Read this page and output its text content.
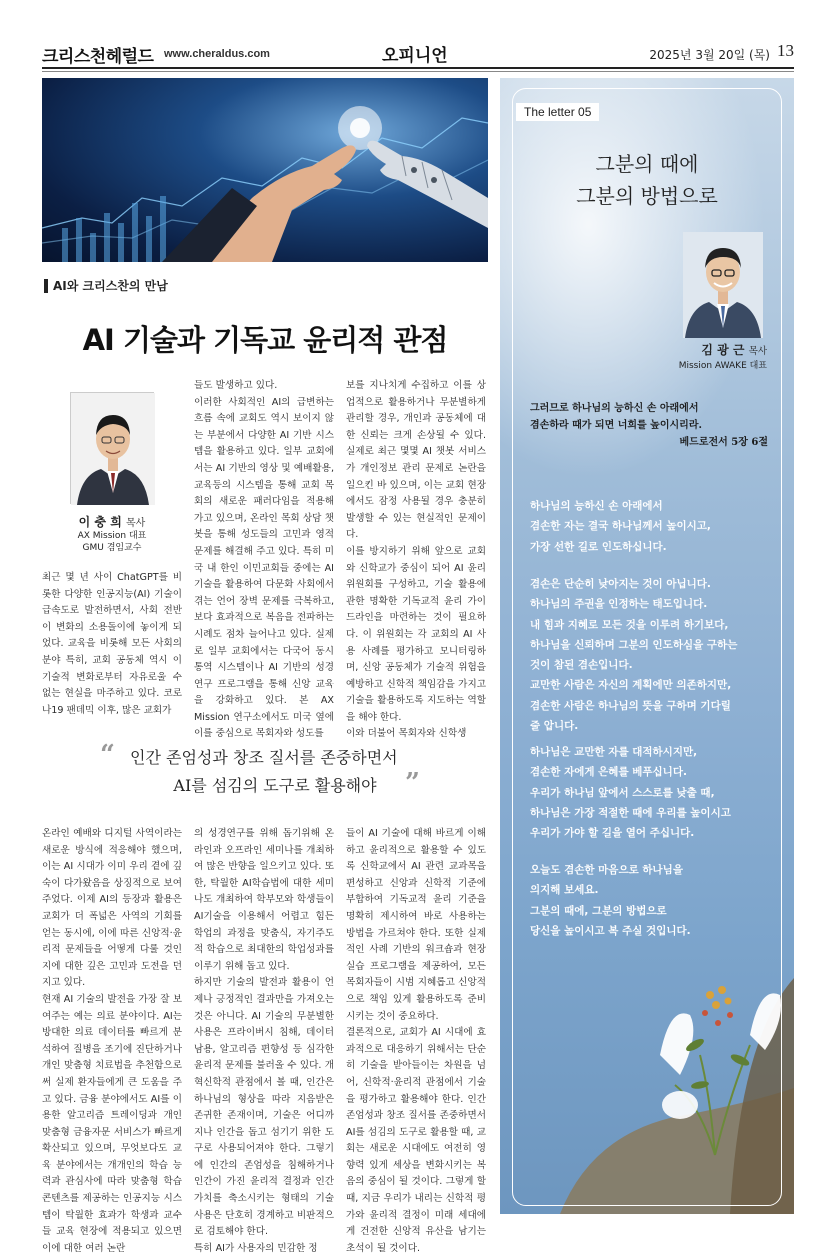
크리스천헤럴드 www.cheraldus.com	오피니언	2025년 3월 20일 (목) 13
AI와 크리스찬의 만남
AI 기술과 기독교 윤리적 관점
이 충 희 목사
AX Mission 대표
GMU 겸임교수
최근 몇 년 사이 ChatGPT를 비롯한 다양한 인공지능(AI) 기술이 급속도로 발전하면서, 사회 전반이 변화의 소용돌이에 놓이게 되었다. 교육을 비롯해 모든 사회의 분야 특히, 교회 공동체 역시 이 기술적 변화로부터 자유로울 수 없는 현실을 마주하고 있다. 코로나19 팬데믹 이후, 많은 교회가
들도 발생하고 있다.
이러한 사회적인 AI의 급변하는 흐름 속에 교회도 역시 보이지 않는 부분에서 다양한 AI 기반 시스템을 활용하고 있다. 일부 교회에서는 AI 기반의 영상 및 예배활용, 교육등의 시스템을 통해 교회 목회의 새로운 패러다임을 적용해 가고 있으며, 온라인 목회 상담 챗봇을 통해 성도들의 고민과 영적 문제를 해결해 주고 있다. 특히 미국 내 한인 이민교회들 중에는 AI 기술을 활용하여 다문화 사회에서 겪는 언어 장벽 문제를 극복하고, 보다 효과적으로 복음을 전파하는 시례도 점차 늘어나고 있다. 실제로 일부 교회에서는 다국어 동시 통역 시스템이나 AI 기반의 성경 연구 프로그램을 통해 신앙 교육을 강화하고 있다. 본 AX Mission 연구소에서도 미국 옆에 이를 중심으로 목회자와 성도를
보를 지나치게 수집하고 이를 상업적으로 활용하거나 무분별하게 관리할 경우, 개인과 공동체에 대한 신뢰는 크게 손상될 수 있다. 실제로 최근 몇몇 AI 챗봇 서비스가 개인정보 관리 문제로 논란을 일으킨 바 있으며, 이는 교회 현장에서도 잠정 사용될 경우 충분히 발생할 수 있는 현실적인 문제이다.
이를 방지하기 위해 앞으로 교회와 신학교가 중심이 되어 AI 윤리위원회를 구성하고, 기술 활용에 관한 명확한 기독교적 윤리 가이드라인을 마련하는 것이 필요하다. 이 위원회는 각 교회의 AI 사용 사례를 평가하고 모니터링하며, 신앙 공동체가 기술적 위험을 예방하고 신학적 책임감을 가지고 기술을 활용하도록 지도하는 역할을 해야 한다.
이와 더불어 목회자와 신학생
“ 인간 존엄성과 창조 질서를 존중하면서
AI를 섬김의 도구로 활용해야	”
온라인 예배와 디지털 사역이라는 새로운 방식에 적응해야 했으며, 이는 AI 시대가 이미 우리 곁에 깊숙이 다가왔음을 상징적으로 보여주었다. 이제 AI의 등장과 활용은 교회가 더 폭넓은 사역의 기회를 얻는 동시에, 이에 따른 신앙적·윤리적 문제들을 어떻게 다룰 것인지에 대한 깊은 고민과 도전을 던지고 있다.
현재 AI 기술의 발전을 가장 잘 보여주는 예는 의료 분야이다. AI는 방대한 의료 데이터를 빠르게 분석하여 질병을 조기에 진단하거나 개인 맞춤형 치료법을 추천함으로써 실제 환자들에게 큰 도움을 주고 있다. 금융 분야에서도 AI를 이용한 알고리즘 트레이딩과 개인 맞춤형 금융자문 서비스가 빠르게 확산되고 있으며, 무엇보다도 교육 분야에서는 개개인의 학습 능력과 관심사에 따라 맞춤형 학습 콘텐츠를 제공하는 인공지능 시스템이 탁월한 효과가 학생과 교수들 교육 현장에 적용되고 있으면 이에 대한 여러 논란
의 성경연구를 위해 돕기위해 온라인과 오프라인 세미나를 개최하여 많은 반향을 일으키고 있다. 또한, 탁월한 AI학습법에 대한 세미나도 개최하여 학부모와 학생들이 AI기술을 이용해서 어렵고 힘든 학업의 과정을 맞춤식, 자기주도적 학습으로 최대한의 학업성과를 이루기 위해 돕고 있다.
하지만 기술의 발전과 활용이 언제나 긍정적인 결과만을 가져오는 것은 아니다. AI 기술의 무분별한 사용은 프라이버시 침해, 데이터 남용, 알고리즘 편향성 등 심각한 윤리적 문제를 불러올 수 있다. 개혁신학적 관점에서 볼 때, 인간은 하나님의 형상을 따라 지음받은 존귀한 존재이며, 기술은 어디까지나 인간을 돕고 섬기기 위한 도구로 사용되어져야 한다. 그렇기에 인간의 존엄성을 침해하거나 인간이 가진 윤리적 결정과 인간 가치를 축소시키는 형태의 기술 사용은 단호히 경계하고 비판적으로 검토해야 한다.
특히 AI가 사용자의 민감한 정
들이 AI 기술에 대해 바르게 이해하고 윤리적으로 활용할 수 있도록 신학교에서 AI 관련 교과목을 편성하고 신앙과 신학적 기준에 부합하여 기독교적 윤리 기준을 명확히 제시하여 바로 사용하는 방법을 가르쳐야 한다. 또한 실제적인 사례 기반의 워크숍과 현장 실습 프로그램을 제공하여, 모든 목회자들이 시범 지혜롭고 신앙적으로 책임 있게 활용하도록 준비시키는 것이 중요하다.
결론적으로, 교회가 AI 시대에 효과적으로 대응하기 위해서는 단순히 기술을 받아들이는 차원을 넘어, 신학적·윤리적 관점에서 기술을 평가하고 활용해야 한다. 인간 존엄성과 창조 질서를 존중하면서 AI를 섬김의 도구로 활용할 때, 교회는 새로운 시대에도 여전히 영향력 있게 세상을 변화시키는 복음의 중심이 될 것이다. 그렇게 할 때, 지금 우리가 내리는 신학적 평가와 윤리적 결정이 미래 세대에게 건전한 신앙적 유산을 남기는 초석이 될 것이다.
The letter 05
그분의 때에
그분의 방법으로
김 광 근 목사
Mission AWAKE 대표
그러므로 하나님의 능하신 손 아래에서
겸손하라 때가 되면 너희를 높이시리라.
베드로전서 5장 6절
하나님의 능하신 손 아래에서
겸손한 자는 결국 하나님께서 높이시고,
가장 선한 길로 인도하십니다.
겸손은 단순히 낮아지는 것이 아닙니다.
하나님의 주권을 인정하는 태도입니다.
내 힘과 지혜로 모든 것을 이루려 하기보다,
하나님을 신뢰하며 그분의 인도하심을 구하는
것이 참된 겸손입니다.
교만한 사람은 자신의 계획에만 의존하지만,
겸손한 사람은 하나님의 뜻을 구하며 기다릴
줄 압니다.
하나님은 교만한 자를 대적하시지만,
겸손한 자에게 은혜를 베푸십니다.
우리가 하나님 앞에서 스스로를 낮출 때,
하나님은 가장 적절한 때에 우리를 높이시고
우리가 가야 할 길을 열어 주십니다.
오늘도 겸손한 마음으로 하나님을
의지해 보세요.
그분의 때에, 그분의 방법으로
당신을 높이시고 복 주실 것입니다.
